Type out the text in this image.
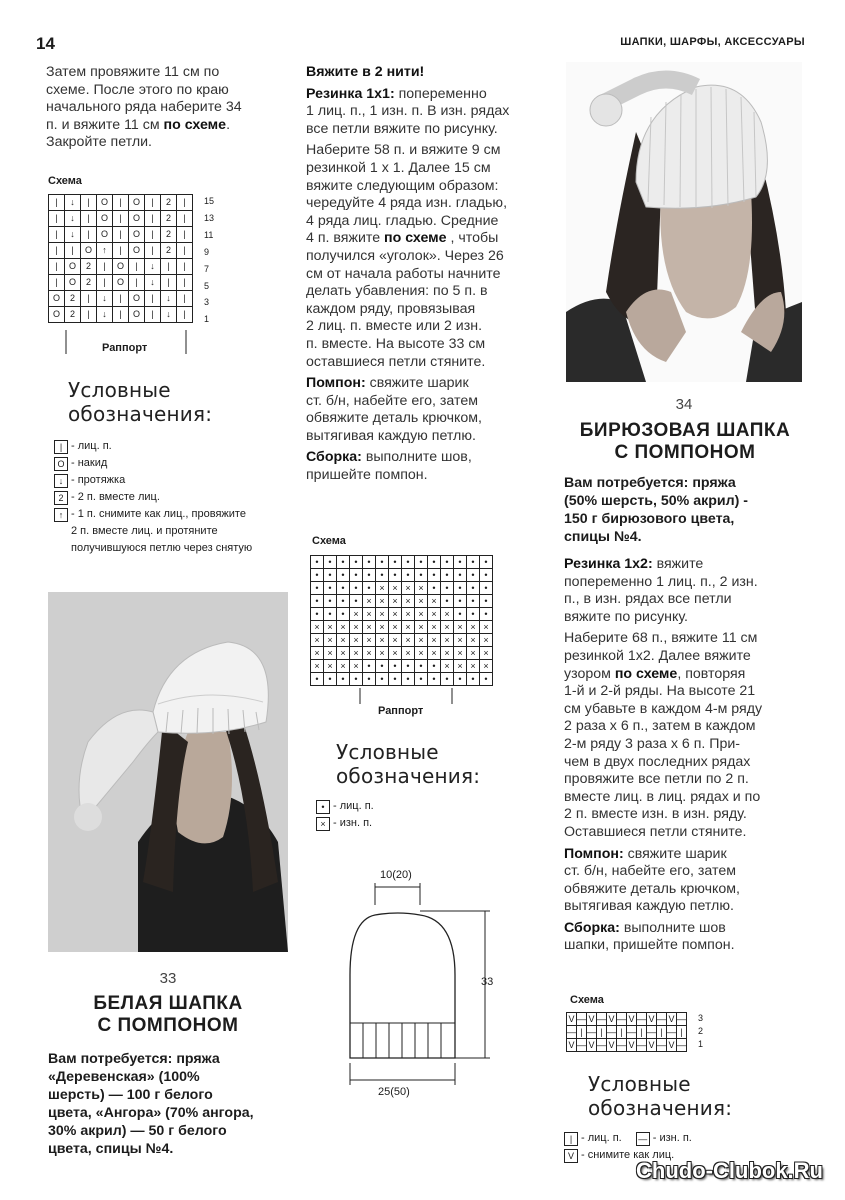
14	ШАПКИ, ШАРФЫ, АКСЕССУАРЫ
Затем провяжите 11 см по
схеме. После этого по краю
начального ряда наберите 34
п. и вяжите 11 см по схеме.
Закройте петли.
Схема
|	↓	|	O	|	O	|	2	|
|	↓	|	O	|	O	|	2	|
|	↓	|	O	|	O	|	2	|
|	|	O	↑	|	O	|	2	|
|	O	2	|	O	|	↓	|	|
|	O	2	|	O	|	↓	|	|
O	2	|	↓	|	O	|	↓	|
O	2	|	↓	|	O	|	↓	|
15
13
11
9
7
5
3
1
Раппорт
Условные
обозначения:
| - лиц. п.
O - накид
↓ - протяжка
2 - 2 п. вместе лиц.
↑ - 1 п. снимите как лиц., провяжите
2 п. вместе лиц. и протяните
получившуюся петлю через снятую
33
БЕЛАЯ ШАПКА
С ПОМПОНОМ
Вам потребуется: пряжа
«Деревенская» (100%
шерсть) — 100 г белого
цвета, «Ангора» (70% ангора,
30% акрил) — 50 г белого
цвета, спицы №4.
Вяжите в 2 нити!
Резинка 1х1: попеременно
1 лиц. п., 1 изн. п. В изн. рядах
все петли вяжите по рисунку.
Наберите 58 п. и вяжите 9 см
резинкой 1 х 1. Далее 15 см
вяжите следующим образом:
чередуйте 4 ряда изн. гладью,
4 ряда лиц. гладью. Средние
4 п. вяжите по схеме , чтобы
получился «уголок». Через 26
см от начала работы начните
делать убавления: по 5 п. в
каждом ряду, провязывая
2 лиц. п. вместе или 2 изн.
п. вместе. На высоте 33 см
оставшиеся петли стяните.
Помпон: свяжите шарик
ст. б/н, набейте его, затем
обвяжите деталь крючком,
вытягивая каждую петлю.
Сборка: выполните шов,
пришейте помпон.
Схема
•	•	•	•	•	•	•	•	•	•	•	•	•	•
•	•	•	•	•	•	•	•	•	•	•	•	•	•
•	•	•	•	•	×	×	×	×	•	•	•	•	•
•	•	•	•	×	×	×	×	×	×	•	•	•	•
•	•	•	×	×	×	×	×	×	×	×	•	•	•
×	×	×	×	×	×	×	×	×	×	×	×	×	×
×	×	×	×	×	×	×	×	×	×	×	×	×	×
×	×	×	×	×	×	×	×	×	×	×	×	×	×
×	×	×	×	•	•	•	•	•	•	×	×	×	×
•	•	•	•	•	•	•	•	•	•	•	•	•	•
Раппорт
Условные
обозначения:
• - лиц. п.
× - изн. п.
10(20)
33
25(50)
34
БИРЮЗОВАЯ ШАПКА
С ПОМПОНОМ
Вам потребуется: пряжа
(50% шерсть, 50% акрил) -
150 г бирюзового цвета,
спицы №4.
Резинка 1х2: вяжите
попеременно 1 лиц. п., 2 изн.
п., в изн. рядах все петли
вяжите по рисунку.
Наберите 68 п., вяжите 11 см
резинкой 1х2. Далее вяжите
узором по схеме, повторяя
1-й и 2-й ряды. На высоте 21
см убавьте в каждом 4-м ряду
2 раза х 6 п., затем в каждом
2-м ряду 3 раза х 6 п. При-
чем в двух последних рядах
провяжите все петли по 2 п.
вместе лиц. в лиц. рядах и по
2 п. вместе изн. в изн. ряду.
Оставшиеся петли стяните.
Помпон: свяжите шарик
ст. б/н, набейте его, затем
обвяжите деталь крючком,
вытягивая каждую петлю.
Сборка: выполните шов
шапки, пришейте помпон.
Схема
V	—	V	—	V	—	V	—	V	—	V	—
—	|	—	|	—	|	—	|	—	|	—	|
V	—	V	—	V	—	V	—	V	—	V	—
3
2
1
Условные
обозначения:
| - лиц. п. — - изн. п.
V - снимите как лиц.
Chudo-Clubok.Ru
